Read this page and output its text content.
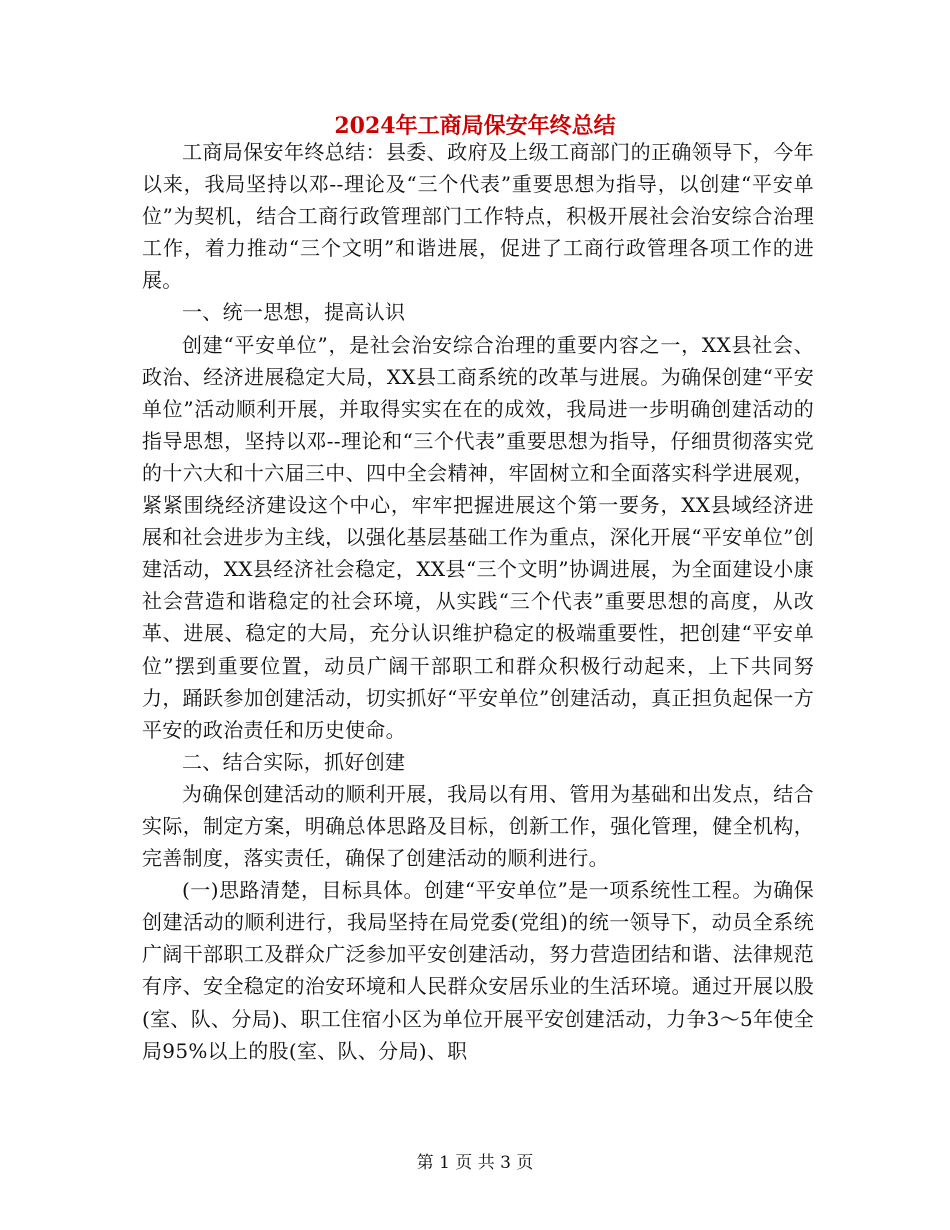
2024年工商局保安年终总结

工商局保安年终总结：县委、政府及上级工商部门的正确领导下，今年以来，我局坚持以邓--理论及“三个代表”重要思想为指导，以创建“平安单位”为契机，结合工商行政管理部门工作特点，积极开展社会治安综合治理工作，着力推动“三个文明”和谐进展，促进了工商行政管理各项工作的进展。

一、统一思想，提高认识

创建“平安单位”，是社会治安综合治理的重要内容之一，XX县社会、政治、经济进展稳定大局，XX县工商系统的改革与进展。为确保创建“平安单位”活动顺利开展，并取得实实在在的成效，我局进一步明确创建活动的指导思想，坚持以邓--理论和“三个代表”重要思想为指导，仔细贯彻落实党的十六大和十六届三中、四中全会精神，牢固树立和全面落实科学进展观，紧紧围绕经济建设这个中心，牢牢把握进展这个第一要务，XX县域经济进展和社会进步为主线，以强化基层基础工作为重点，深化开展“平安单位”创建活动，XX县经济社会稳定，XX县“三个文明”协调进展，为全面建设小康社会营造和谐稳定的社会环境，从实践“三个代表”重要思想的高度，从改革、进展、稳定的大局，充分认识维护稳定的极端重要性，把创建“平安单位”摆到重要位置，动员广阔干部职工和群众积极行动起来，上下共同努力，踊跃参加创建活动，切实抓好“平安单位”创建活动，真正担负起保一方平安的政治责任和历史使命。

二、结合实际，抓好创建

为确保创建活动的顺利开展，我局以有用、管用为基础和出发点，结合实际，制定方案，明确总体思路及目标，创新工作，强化管理，健全机构，完善制度，落实责任，确保了创建活动的顺利进行。

(一)思路清楚，目标具体。创建“平安单位”是一项系统性工程。为确保创建活动的顺利进行，我局坚持在局党委(党组)的统一领导下，动员全系统广阔干部职工及群众广泛参加平安创建活动，努力营造团结和谐、法律规范有序、安全稳定的治安环境和人民群众安居乐业的生活环境。通过开展以股(室、队、分局)、职工住宿小区为单位开展平安创建活动，力争3～5年使全局95%以上的股(室、队、分局)、职

第 1 页 共 3 页
